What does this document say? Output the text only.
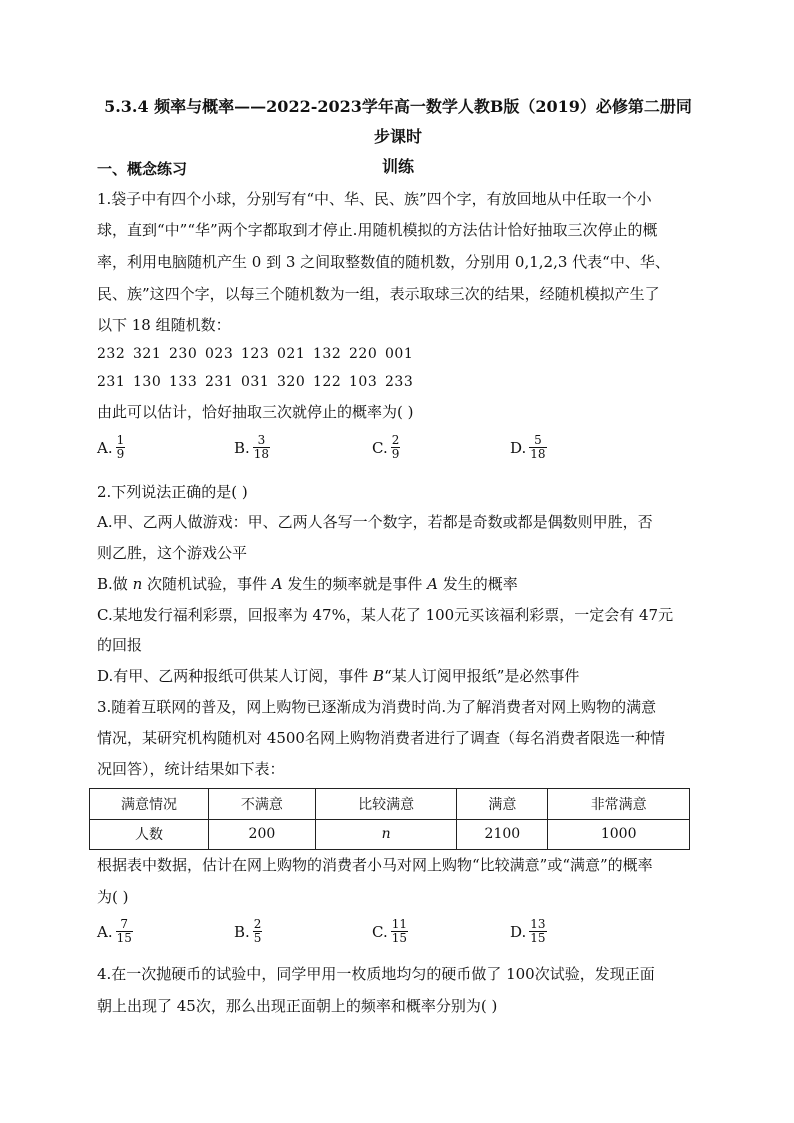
5.3.4 频率与概率——2022-2023学年高一数学人教B版（2019）必修第二册同步课时
训练
一、概念练习
1.袋子中有四个小球，分别写有“中、华、民、族”四个字，有放回地从中任取一个小
球，直到“中”“华”两个字都取到才停止.用随机模拟的方法估计恰好抽取三次停止的概
率，利用电脑随机产生 0 到 3 之间取整数值的随机数，分别用 0,1,2,3 代表“中、华、
民、族”这四个字，以每三个随机数为一组，表示取球三次的结果，经随机模拟产生了
以下 18 组随机数：
232 321 230 023 123 021 132 220 001
231 130 133 231 031 320 122 103 233
由此可以估计，恰好抽取三次就停止的概率为( )
A. $\frac{1}{9}$	B. $\frac{3}{18}$	C. $\frac{2}{9}$	D. $\frac{5}{18}$
2.下列说法正确的是( )
A.甲、乙两人做游戏：甲、乙两人各写一个数字，若都是奇数或都是偶数则甲胜，否
则乙胜，这个游戏公平
B.做 n 次随机试验，事件 A 发生的频率就是事件 A 发生的概率
C.某地发行福利彩票，回报率为 47%，某人花了 100元买该福利彩票，一定会有 47元
的回报
D.有甲、乙两种报纸可供某人订阅，事件 B“某人订阅甲报纸”是必然事件
3.随着互联网的普及，网上购物已逐渐成为消费时尚.为了解消费者对网上购物的满意
情况，某研究机构随机对 4500名网上购物消费者进行了调查（每名消费者限选一种情
况回答），统计结果如下表：
满意情况	不满意	比较满意	满意	非常满意
人数	200	n	2100	1000
根据表中数据，估计在网上购物的消费者小马对网上购物“比较满意”或“满意”的概率
为( )
A. $\frac{7}{15}$	B. $\frac{2}{5}$	C. $\frac{11}{15}$	D. $\frac{13}{15}$
4.在一次抛硬币的试验中，同学甲用一枚质地均匀的硬币做了 100次试验，发现正面
朝上出现了 45次，那么出现正面朝上的频率和概率分别为( )
